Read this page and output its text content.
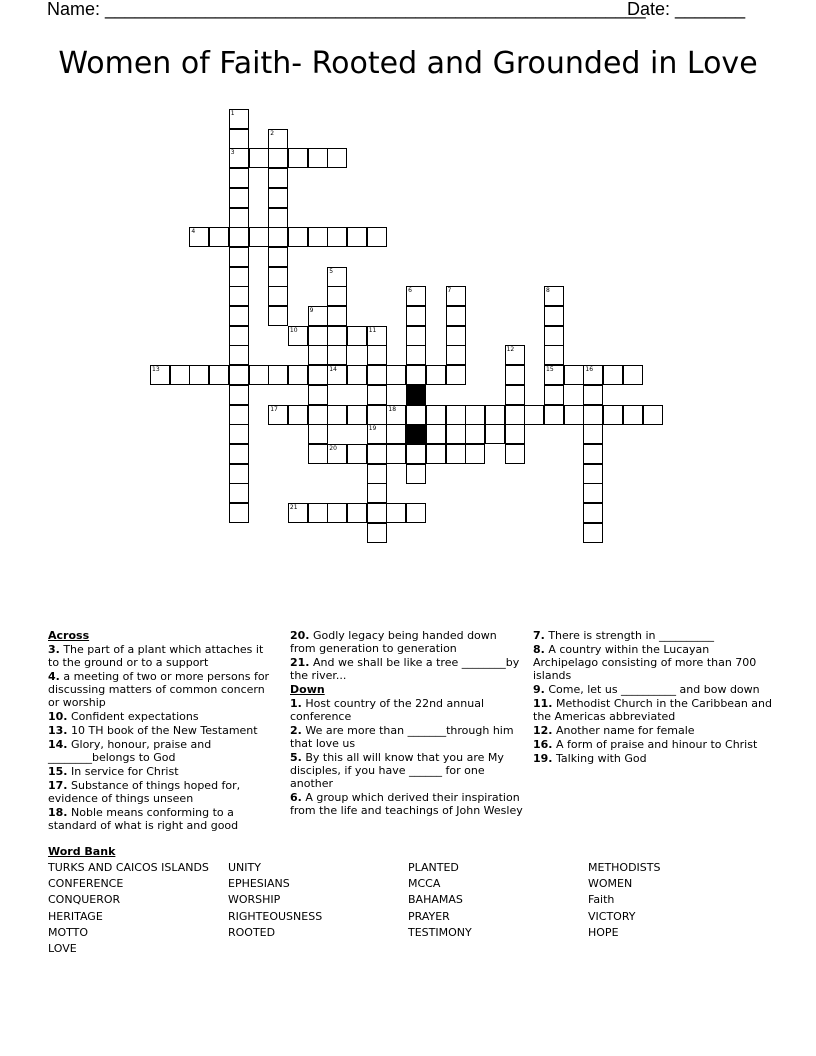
Name: ______________________________________________________
Date: _______
Women of Faith- Rooted and Grounded in Love
3
4
10
13	14	15	16
17
20
21
1
2
5
6	7	8
9
11
19
12
18
Across
3. The part of a plant which attaches it to the ground or to a support
4. a meeting of two or more persons for discussing matters of common concern or worship
10. Confident expectations
13. 10 TH book of the New Testament
14. Glory, honour, praise and ________belongs to God
15. In service for Christ
17. Substance of things hoped for, evidence of things unseen
18. Noble means conforming to a standard of what is right and good
20. Godly legacy being handed down from generation to generation
21. And we shall be like a tree ________by the river...
Down
1. Host country of the 22nd annual conference
2. We are more than _______through him that love us
5. By this all will know that you are My disciples, if you have ______ for one another
6. A group which derived their inspiration from the life and teachings of John Wesley
7. There is strength in __________
8. A country within the Lucayan Archipelago consisting of more than 700 islands
9. Come, let us __________ and bow down
11. Methodist Church in the Caribbean and the Americas abbreviated
12. Another name for female
16. A form of praise and hinour to Christ
19. Talking with God
Word Bank
TURKS AND CAICOS ISLANDS
CONFERENCE
CONQUEROR
HERITAGE
MOTTO
LOVE
UNITY
EPHESIANS
WORSHIP
RIGHTEOUSNESS
ROOTED
PLANTED
MCCA
BAHAMAS
PRAYER
TESTIMONY
METHODISTS
WOMEN
Faith
VICTORY
HOPE
